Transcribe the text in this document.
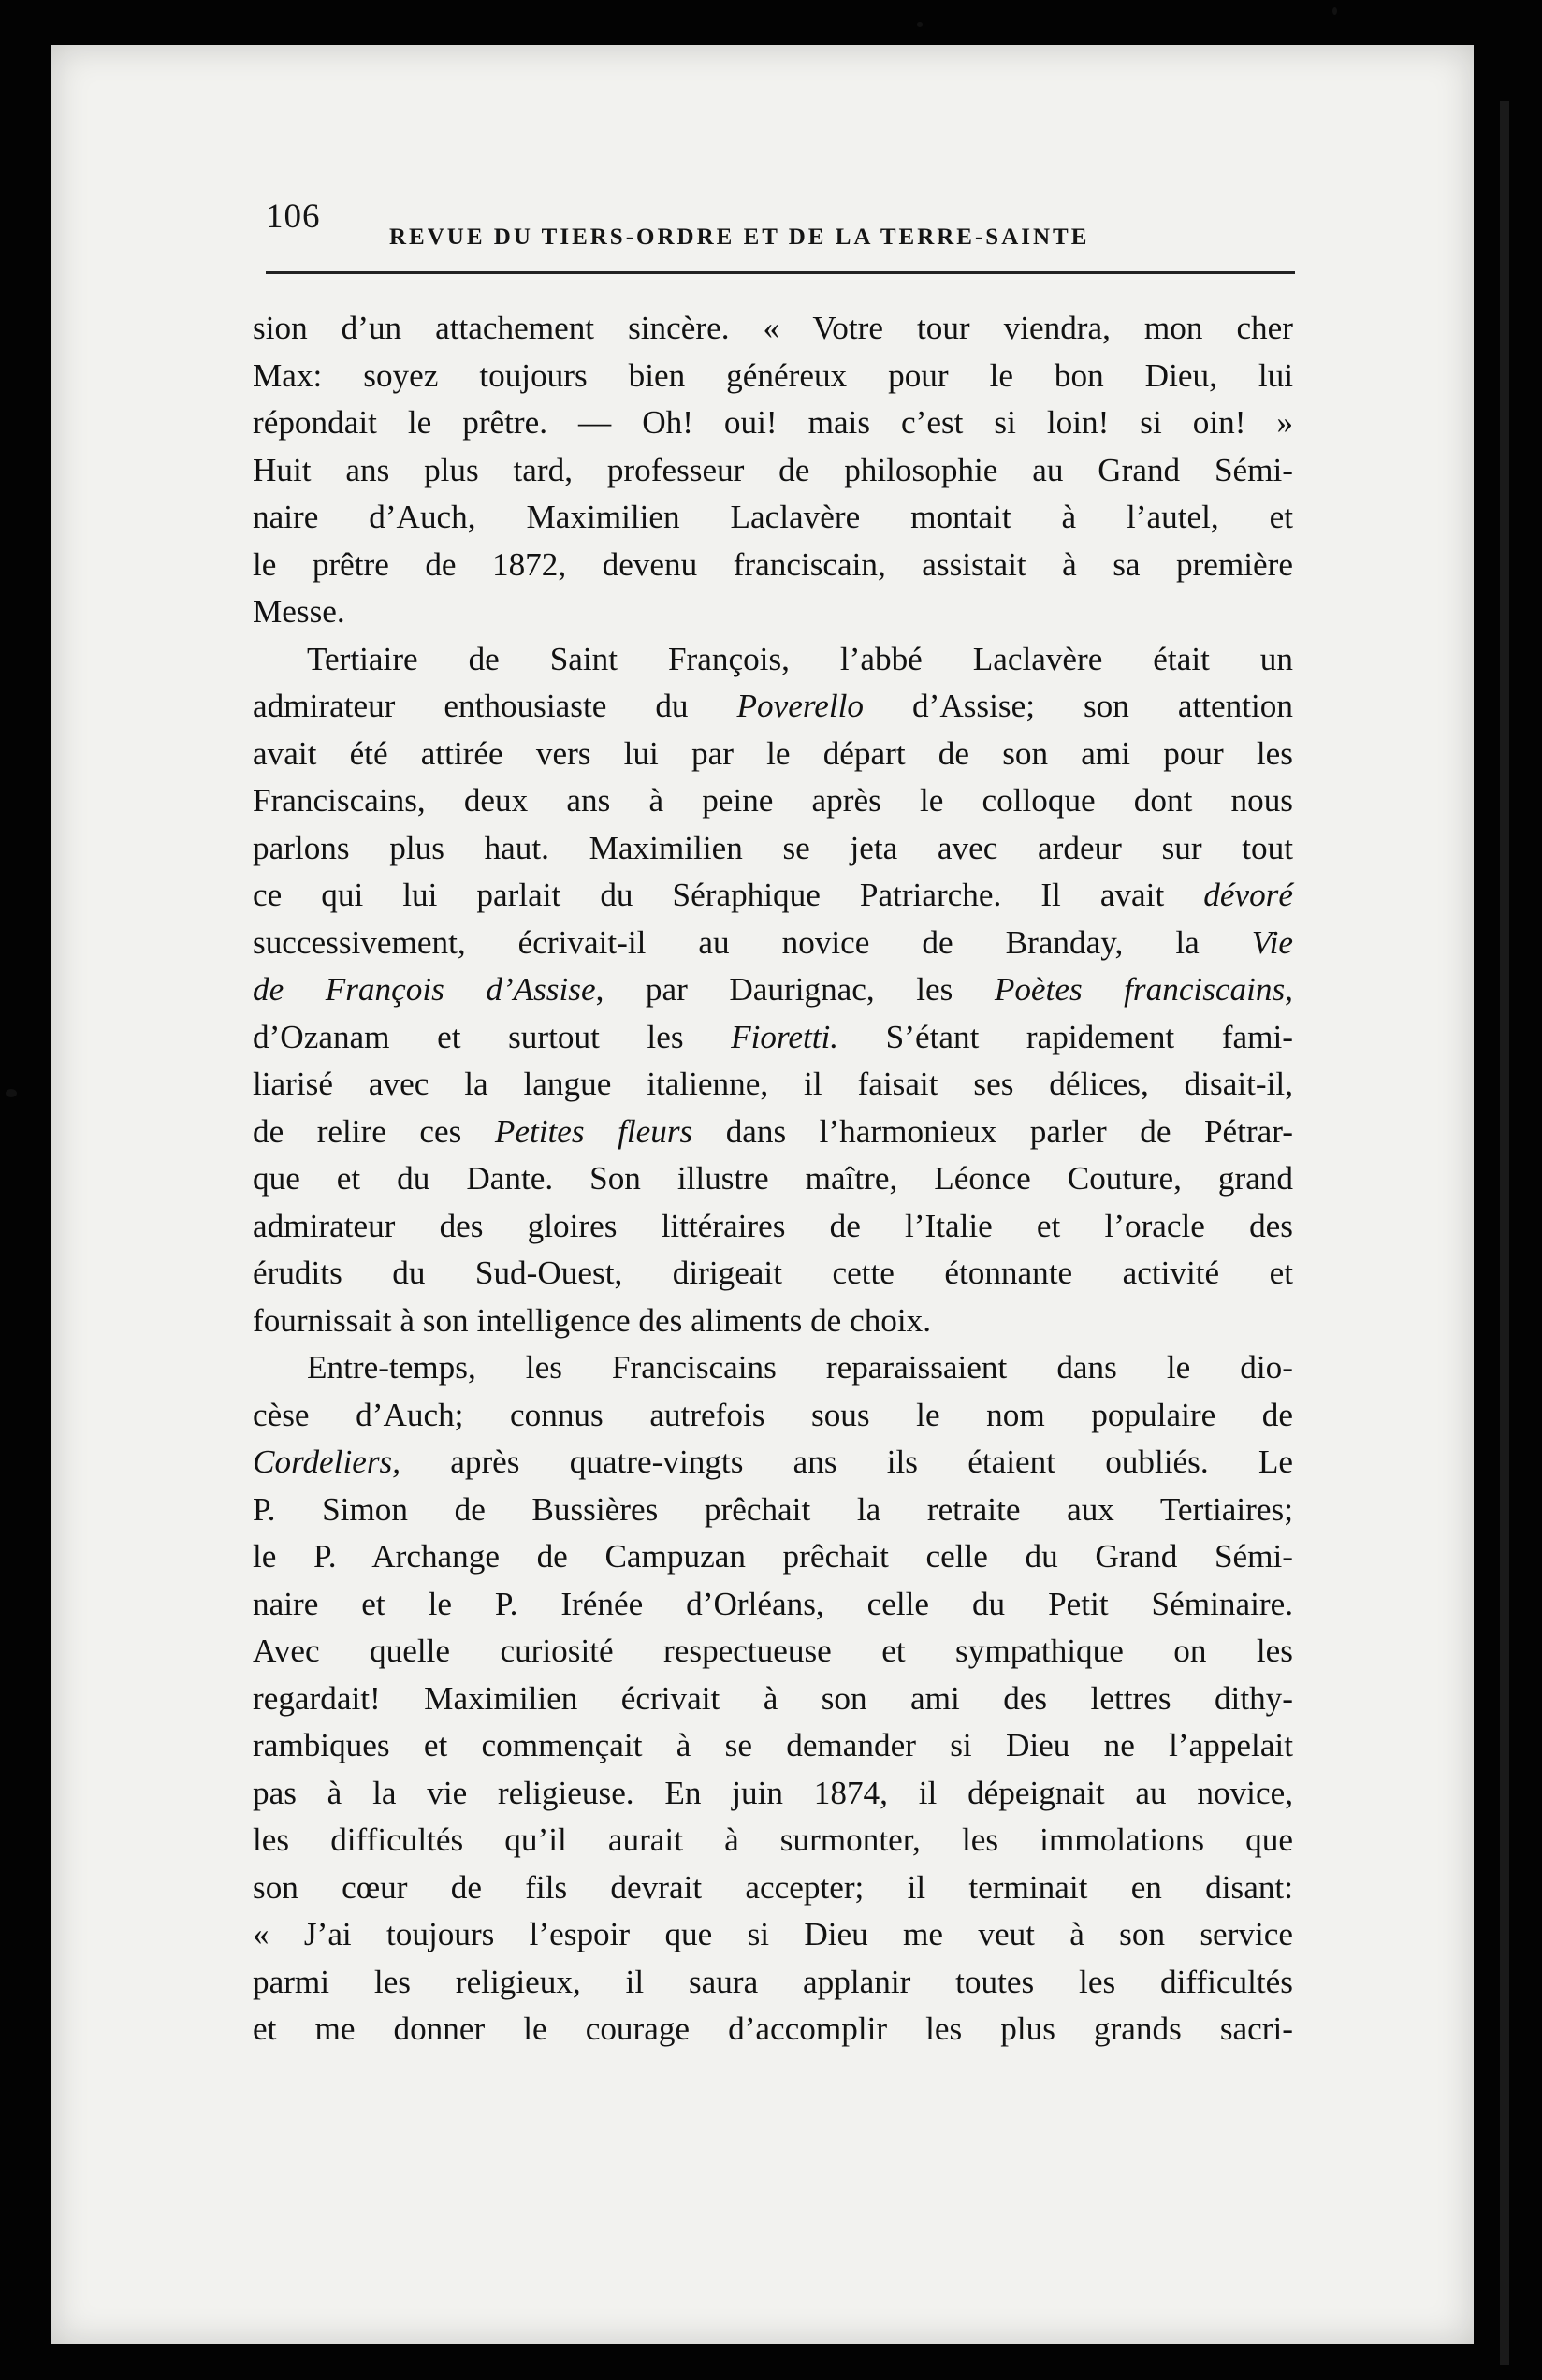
106
REVUE DU TIERS-ORDRE ET DE LA TERRE-SAINTE
sion d’un attachement sincère. « Votre tour viendra, mon cher
Max: soyez toujours bien généreux pour le bon Dieu, lui
répondait le prêtre. — Oh! oui! mais c’est si loin! si oin! »
Huit ans plus tard, professeur de philosophie au Grand Sémi-
naire d’Auch, Maximilien Laclavère montait à l’autel, et
le prêtre de 1872, devenu franciscain, assistait à sa première
Messe.
Tertiaire de Saint François, l’abbé Laclavère était un
admirateur enthousiaste du Poverello d’Assise; son attention
avait été attirée vers lui par le départ de son ami pour les
Franciscains, deux ans à peine après le colloque dont nous
parlons plus haut. Maximilien se jeta avec ardeur sur tout
ce qui lui parlait du Séraphique Patriarche. Il avait dévoré
successivement, écrivait-il au novice de Branday, la Vie
de François d’Assise, par Daurignac, les Poètes franciscains,
d’Ozanam et surtout les Fioretti. S’étant rapidement fami-
liarisé avec la langue italienne, il faisait ses délices, disait-il,
de relire ces Petites fleurs dans l’harmonieux parler de Pétrar-
que et du Dante. Son illustre maître, Léonce Couture, grand
admirateur des gloires littéraires de l’Italie et l’oracle des
érudits du Sud-Ouest, dirigeait cette étonnante activité et
fournissait à son intelligence des aliments de choix.
Entre-temps, les Franciscains reparaissaient dans le dio-
cèse d’Auch; connus autrefois sous le nom populaire de
Cordeliers, après quatre-vingts ans ils étaient oubliés. Le
P. Simon de Bussières prêchait la retraite aux Tertiaires;
le P. Archange de Campuzan prêchait celle du Grand Sémi-
naire et le P. Irénée d’Orléans, celle du Petit Séminaire.
Avec quelle curiosité respectueuse et sympathique on les
regardait! Maximilien écrivait à son ami des lettres dithy-
rambiques et commençait à se demander si Dieu ne l’appelait
pas à la vie religieuse. En juin 1874, il dépeignait au novice,
les difficultés qu’il aurait à surmonter, les immolations que
son cœur de fils devrait accepter; il terminait en disant:
« J’ai toujours l’espoir que si Dieu me veut à son service
parmi les religieux, il saura applanir toutes les difficultés
et me donner le courage d’accomplir les plus grands sacri-
